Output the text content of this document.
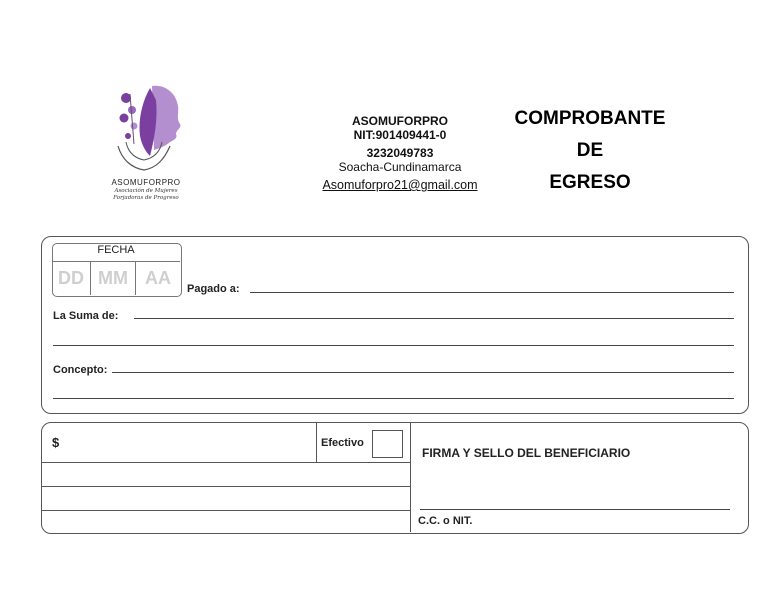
ASOMUFORPRO
Asociación de Mujeres Forjadoras de Progreso
ASOMUFORPRO
NIT:901409441-0
3232049783
Soacha-Cundinamarca
Asomuforpro21@gmail.com
COMPROBANTE
DE
EGRESO
FECHA
DD MM AA
Pagado a:
La Suma de:
Concepto:
$	Efectivo
FIRMA Y SELLO DEL BENEFICIARIO
C.C. o NIT.
